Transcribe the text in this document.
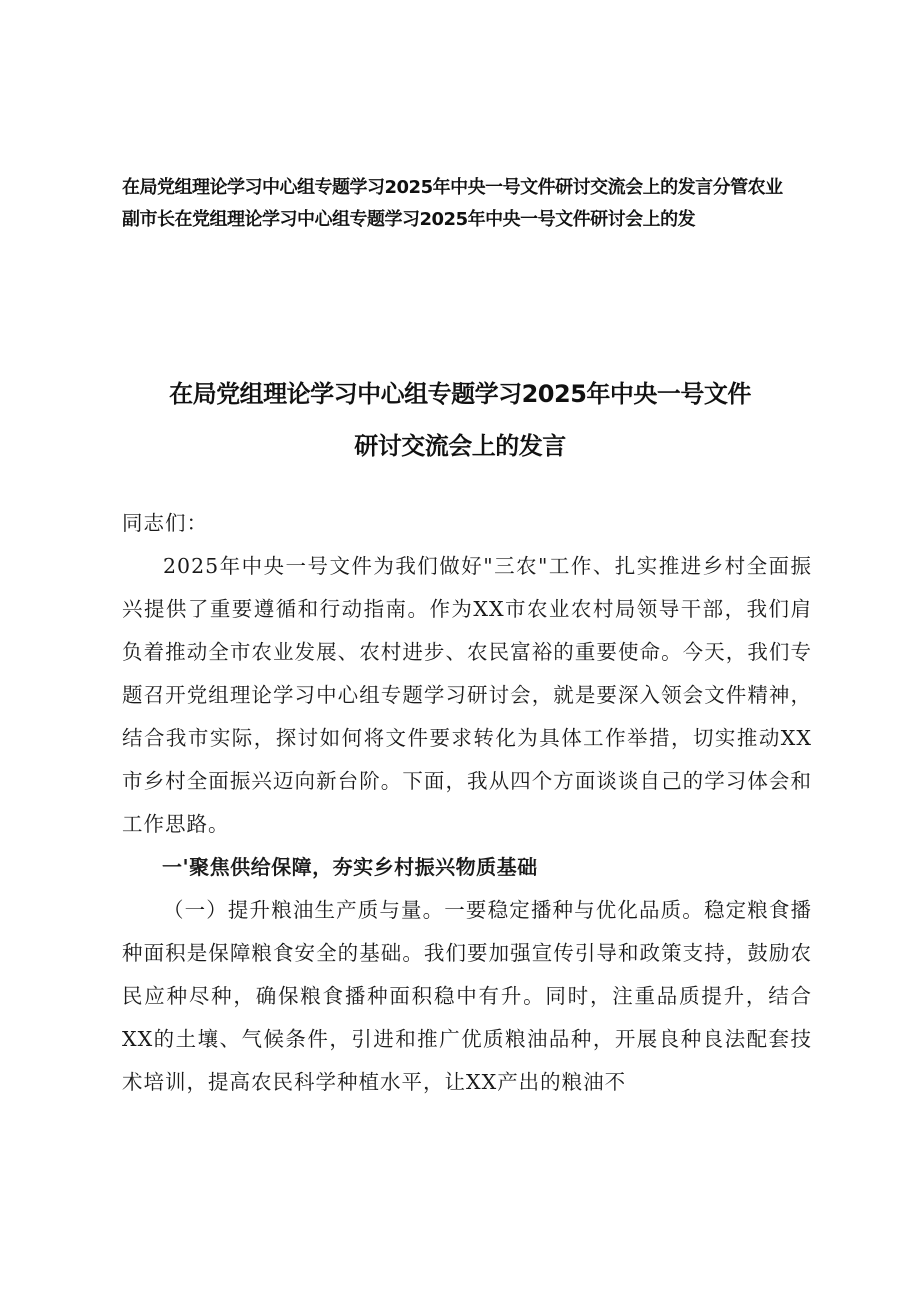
在局党组理论学习中心组专题学习2025年中央一号文件研讨交流会上的发言分管农业
副市长在党组理论学习中心组专题学习2025年中央一号文件研讨会上的发
在局党组理论学习中心组专题学习2025年中央一号文件
研讨交流会上的发言

同志们：

2025年中央一号文件为我们做好"三农"工作、扎实推进乡村全面振兴提供了重要遵循和行动指南。作为XX市农业农村局领导干部，我们肩负着推动全市农业发展、农村进步、农民富裕的重要使命。今天，我们专题召开党组理论学习中心组专题学习研讨会，就是要深入领会文件精神，结合我市实际，探讨如何将文件要求转化为具体工作举措，切实推动XX市乡村全面振兴迈向新台阶。下面，我从四个方面谈谈自己的学习体会和工作思路。

一'聚焦供给保障，夯实乡村振兴物质基础

（一）提升粮油生产质与量。一要稳定播种与优化品质。稳定粮食播种面积是保障粮食安全的基础。我们要加强宣传引导和政策支持，鼓励农民应种尽种，确保粮食播种面积稳中有升。同时，注重品质提升，结合XX的土壤、气候条件，引进和推广优质粮油品种，开展良种良法配套技术培训，提高农民科学种植水平，让XX产出的粮油不
